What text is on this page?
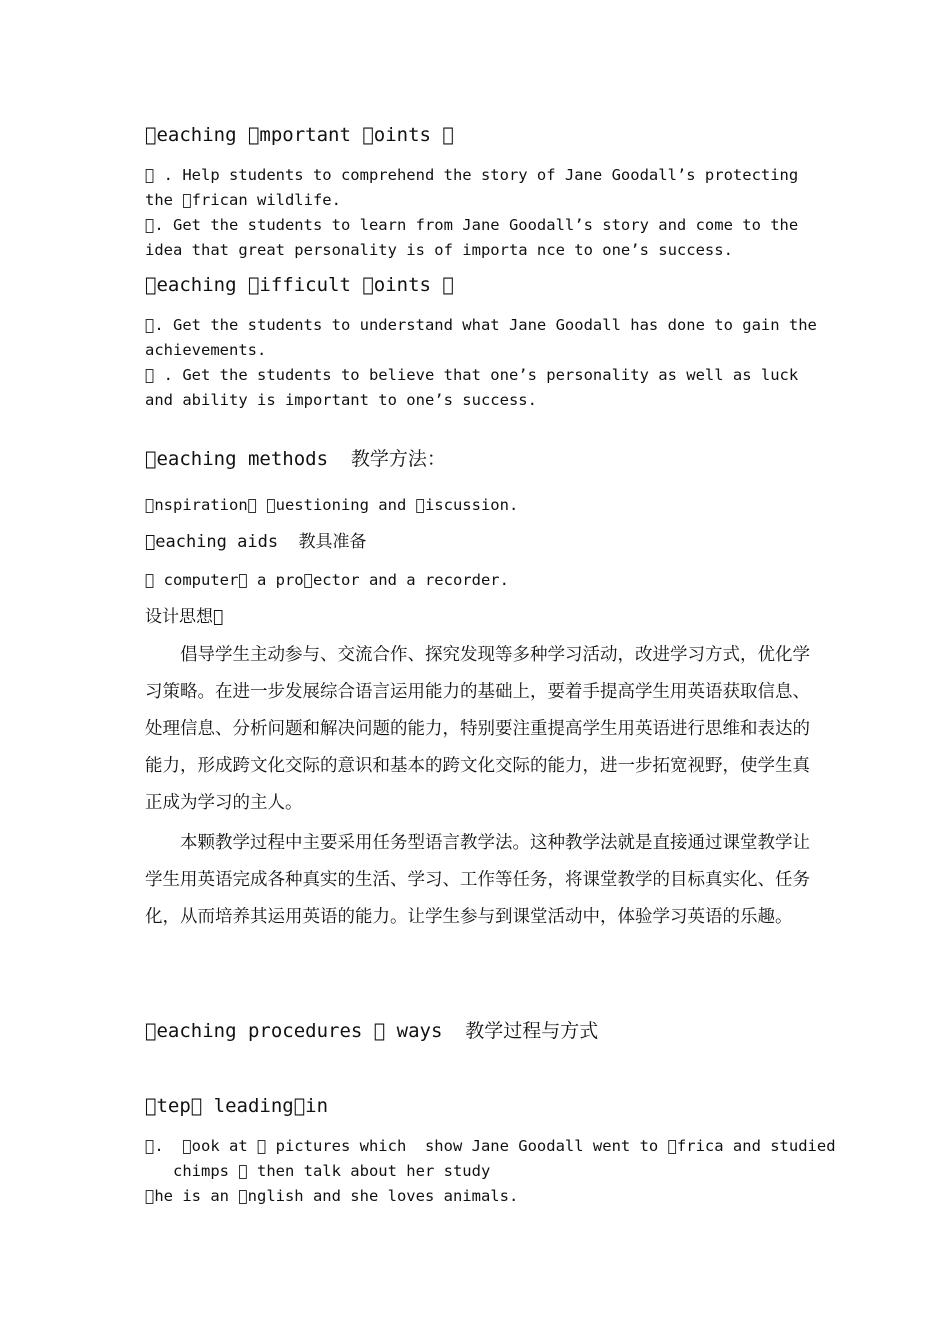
 eaching  mportant  oints ：
  . Help students to comprehend the story of Jane Goodall’s protecting
the  frican wildlife.
 . Get the students to learn from Jane Goodall’s story and come to the
idea that great personality is of importa nce to one’s success.
 eaching  ifficult  oints ：
 . Get the students to understand what Jane Goodall has done to gain the
achievements.
  . Get the students to believe that one’s personality as well as luck
and ability is important to one’s success.
 eaching methods  教学方法：
 nspiration   uestioning and  iscussion.
 eaching aids  教具准备
  computer  a pro ector and a recorder.
设计思想 
倡导学生主动参与、交流合作、探究发现等多种学习活动，改进学习方式，优化学习策略。在进一步发展综合语言运用能力的基础上，要着手提高学生用英语获取信息、处理信息、分析问题和解决问题的能力，特别要注重提高学生用英语进行思维和表达的能力，形成跨文化交际的意识和基本的跨文化交际的能力，进一步拓宽视野，使学生真正成为学习的主人。
本颗教学过程中主要采用任务型语言教学法。这种教学法就是直接通过课堂教学让学生用英语完成各种真实的生活、学习、工作等任务，将课堂教学的目标真实化、任务化，从而培养其运用英语的能力。让学生参与到课堂活动中，体验学习英语的乐趣。
 eaching procedures   ways  教学过程与方式
 tep  leading in
 .   ook at   pictures which  show Jane Goodall went to  frica and studied
chimps   then talk about her study
 he is an  nglish and she loves animals.
